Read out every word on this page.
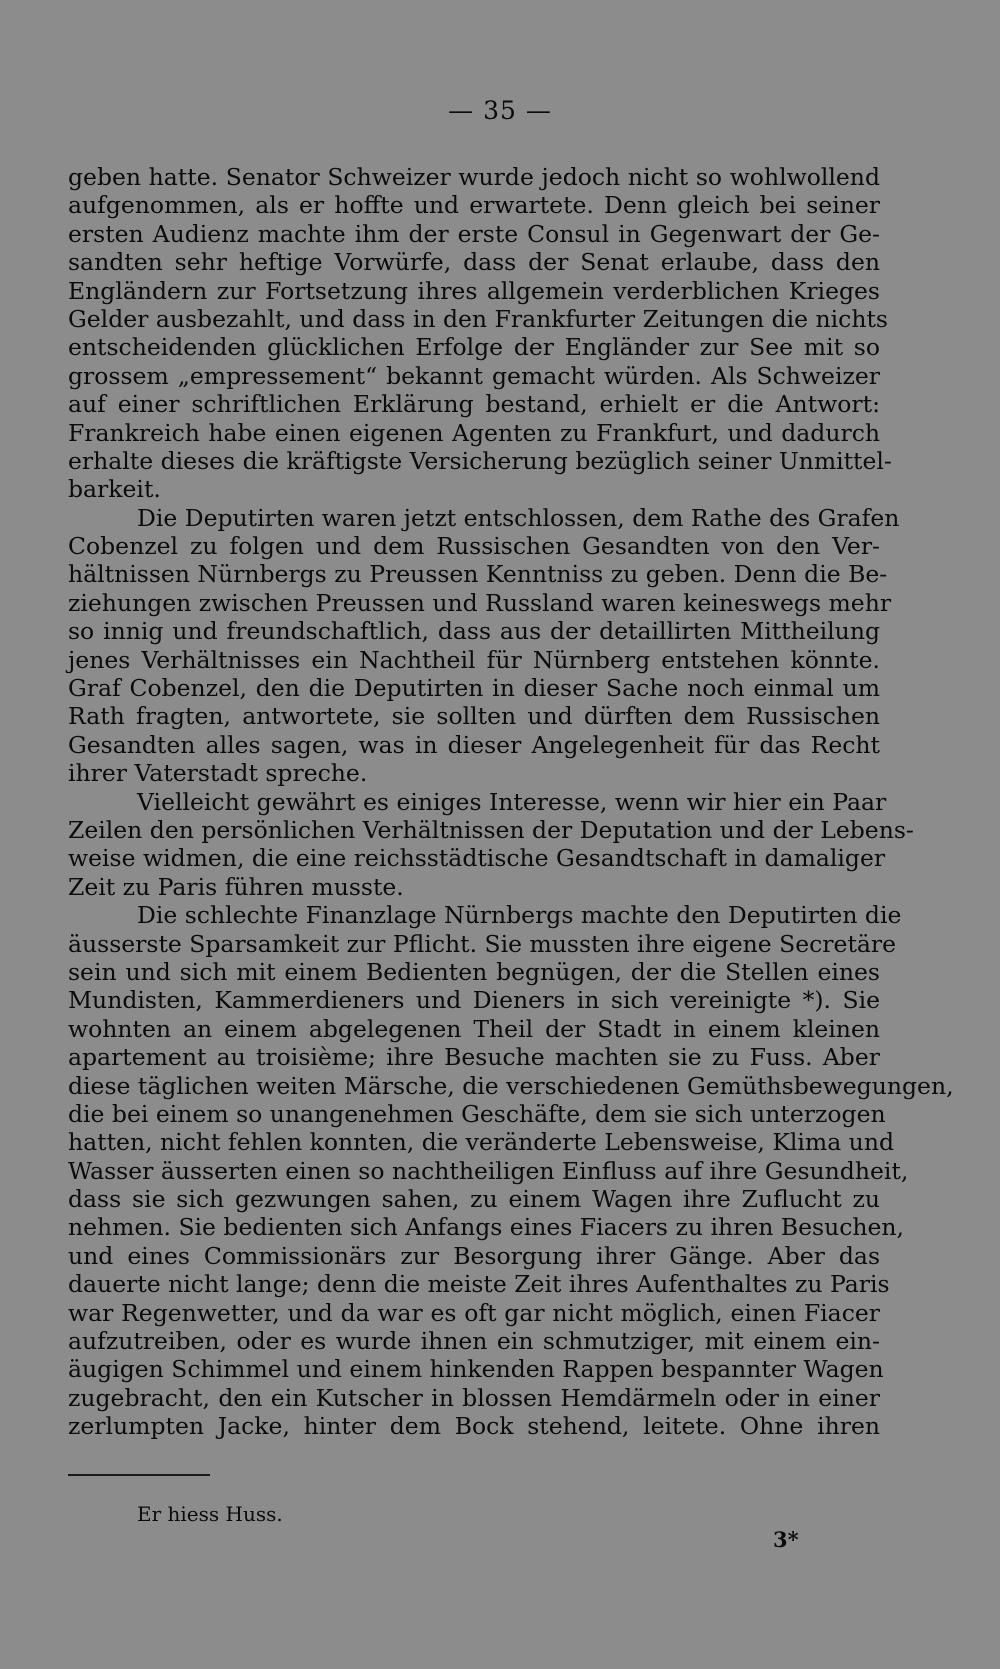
— 35 —
geben hatte. Senator Schweizer wurde jedoch nicht so wohlwollend
aufgenommen, als er hoffte und erwartete. Denn gleich bei seiner
ersten Audienz machte ihm der erste Consul in Gegenwart der Ge-
sandten sehr heftige Vorwürfe, dass der Senat erlaube, dass den
Engländern zur Fortsetzung ihres allgemein verderblichen Krieges
Gelder ausbezahlt, und dass in den Frankfurter Zeitungen die nichts
entscheidenden glücklichen Erfolge der Engländer zur See mit so
grossem „empressement“ bekannt gemacht würden. Als Schweizer
auf einer schriftlichen Erklärung bestand, erhielt er die Antwort:
Frankreich habe einen eigenen Agenten zu Frankfurt, und dadurch
erhalte dieses die kräftigste Versicherung bezüglich seiner Unmittel-
barkeit.
Die Deputirten waren jetzt entschlossen, dem Rathe des Grafen
Cobenzel zu folgen und dem Russischen Gesandten von den Ver-
hältnissen Nürnbergs zu Preussen Kenntniss zu geben. Denn die Be-
ziehungen zwischen Preussen und Russland waren keineswegs mehr
so innig und freundschaftlich, dass aus der detaillirten Mittheilung
jenes Verhältnisses ein Nachtheil für Nürnberg entstehen könnte.
Graf Cobenzel, den die Deputirten in dieser Sache noch einmal um
Rath fragten, antwortete, sie sollten und dürften dem Russischen
Gesandten alles sagen, was in dieser Angelegenheit für das Recht
ihrer Vaterstadt spreche.
Vielleicht gewährt es einiges Interesse, wenn wir hier ein Paar
Zeilen den persönlichen Verhältnissen der Deputation und der Lebens-
weise widmen, die eine reichsstädtische Gesandtschaft in damaliger
Zeit zu Paris führen musste.
Die schlechte Finanzlage Nürnbergs machte den Deputirten die
äusserste Sparsamkeit zur Pflicht. Sie mussten ihre eigene Secretäre
sein und sich mit einem Bedienten begnügen, der die Stellen eines
Mundisten, Kammerdieners und Dieners in sich vereinigte *). Sie
wohnten an einem abgelegenen Theil der Stadt in einem kleinen
apartement au troisième; ihre Besuche machten sie zu Fuss. Aber
diese täglichen weiten Märsche, die verschiedenen Gemüthsbewegungen,
die bei einem so unangenehmen Geschäfte, dem sie sich unterzogen
hatten, nicht fehlen konnten, die veränderte Lebensweise, Klima und
Wasser äusserten einen so nachtheiligen Einfluss auf ihre Gesundheit,
dass sie sich gezwungen sahen, zu einem Wagen ihre Zuflucht zu
nehmen. Sie bedienten sich Anfangs eines Fiacers zu ihren Besuchen,
und eines Commissionärs zur Besorgung ihrer Gänge. Aber das
dauerte nicht lange; denn die meiste Zeit ihres Aufenthaltes zu Paris
war Regenwetter, und da war es oft gar nicht möglich, einen Fiacer
aufzutreiben, oder es wurde ihnen ein schmutziger, mit einem ein-
äugigen Schimmel und einem hinkenden Rappen bespannter Wagen
zugebracht, den ein Kutscher in blossen Hemdärmeln oder in einer
zerlumpten Jacke, hinter dem Bock stehend, leitete. Ohne ihren
Er hiess Huss.
3*
